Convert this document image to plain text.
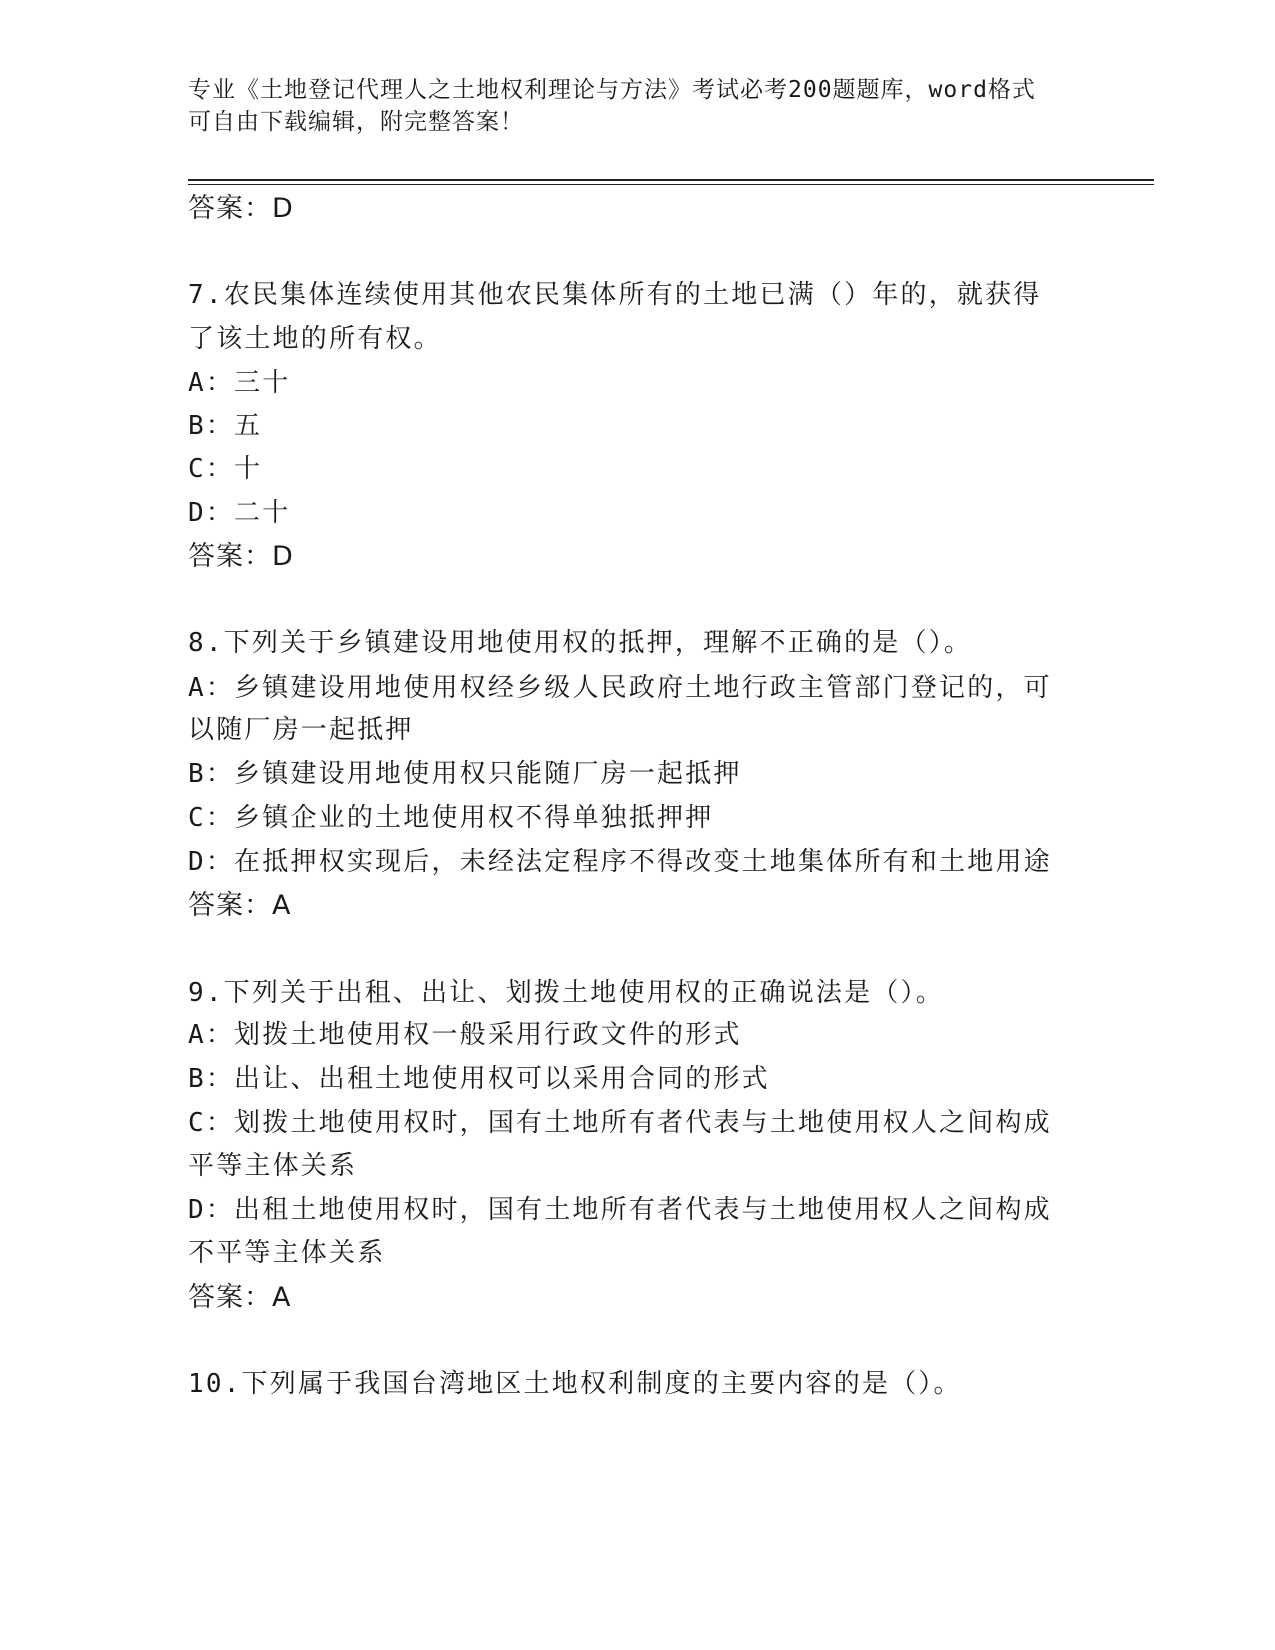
专业《土地登记代理人之土地权利理论与方法》考试必考200题题库，word格式
可自由下载编辑，附完整答案！
答案：D
7.农民集体连续使用其他农民集体所有的土地已满（）年的，就获得
了该土地的所有权。
A：三十
B：五
C：十
D：二十
答案：D
8.下列关于乡镇建设用地使用权的抵押，理解不正确的是（）。
A：乡镇建设用地使用权经乡级人民政府土地行政主管部门登记的，可
以随厂房一起抵押
B：乡镇建设用地使用权只能随厂房一起抵押
C：乡镇企业的土地使用权不得单独抵押押
D：在抵押权实现后，未经法定程序不得改变土地集体所有和土地用途
答案：A
9.下列关于出租、出让、划拨土地使用权的正确说法是（）。
A：划拨土地使用权一般采用行政文件的形式
B：出让、出租土地使用权可以采用合同的形式
C：划拨土地使用权时，国有土地所有者代表与土地使用权人之间构成
平等主体关系
D：出租土地使用权时，国有土地所有者代表与土地使用权人之间构成
不平等主体关系
答案：A
10.下列属于我国台湾地区土地权利制度的主要内容的是（）。
